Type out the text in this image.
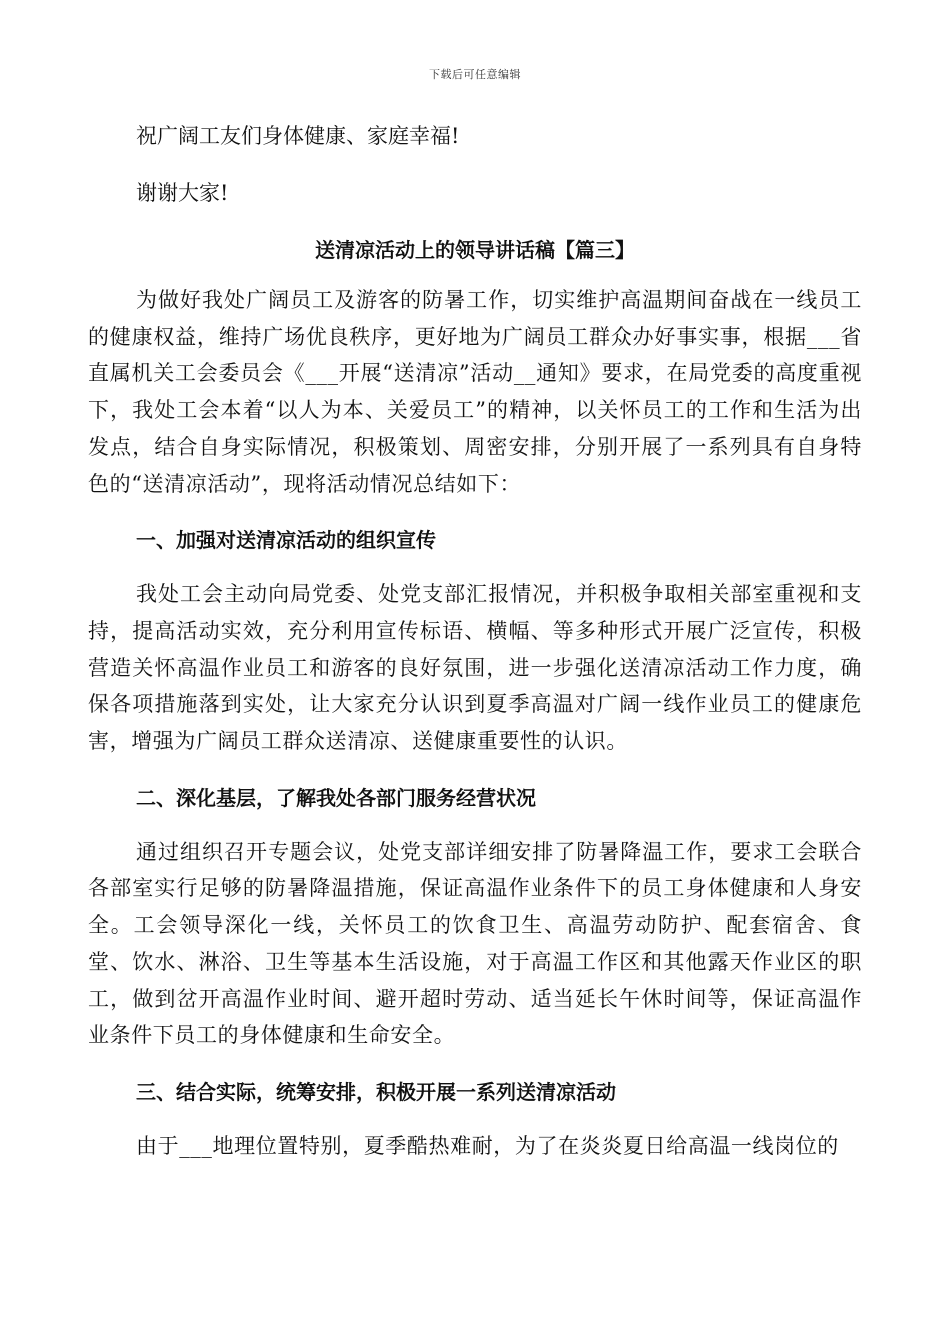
下载后可任意编辑

祝广阔工友们身体健康、家庭幸福!

谢谢大家!

送清凉活动上的领导讲话稿【篇三】

为做好我处广阔员工及游客的防暑工作，切实维护高温期间奋战在一线员工的健康权益，维持广场优良秩序，更好地为广阔员工群众办好事实事，根据___省直属机关工会委员会《___开展“送清凉”活动__通知》要求，在局党委的高度重视下，我处工会本着“以人为本、关爱员工”的精神，以关怀员工的工作和生活为出发点，结合自身实际情况，积极策划、周密安排，分别开展了一系列具有自身特色的“送清凉活动”，现将活动情况总结如下：

一、加强对送清凉活动的组织宣传

我处工会主动向局党委、处党支部汇报情况，并积极争取相关部室重视和支持，提高活动实效，充分利用宣传标语、横幅、等多种形式开展广泛宣传，积极营造关怀高温作业员工和游客的良好氛围，进一步强化送清凉活动工作力度，确保各项措施落到实处，让大家充分认识到夏季高温对广阔一线作业员工的健康危害，增强为广阔员工群众送清凉、送健康重要性的认识。

二、深化基层，了解我处各部门服务经营状况

通过组织召开专题会议，处党支部详细安排了防暑降温工作，要求工会联合各部室实行足够的防暑降温措施，保证高温作业条件下的员工身体健康和人身安全。工会领导深化一线，关怀员工的饮食卫生、高温劳动防护、配套宿舍、食堂、饮水、淋浴、卫生等基本生活设施，对于高温工作区和其他露天作业区的职工，做到岔开高温作业时间、避开超时劳动、适当延长午休时间等，保证高温作业条件下员工的身体健康和生命安全。

三、结合实际，统筹安排，积极开展一系列送清凉活动

由于___地理位置特别，夏季酷热难耐，为了在炎炎夏日给高温一线岗位的
